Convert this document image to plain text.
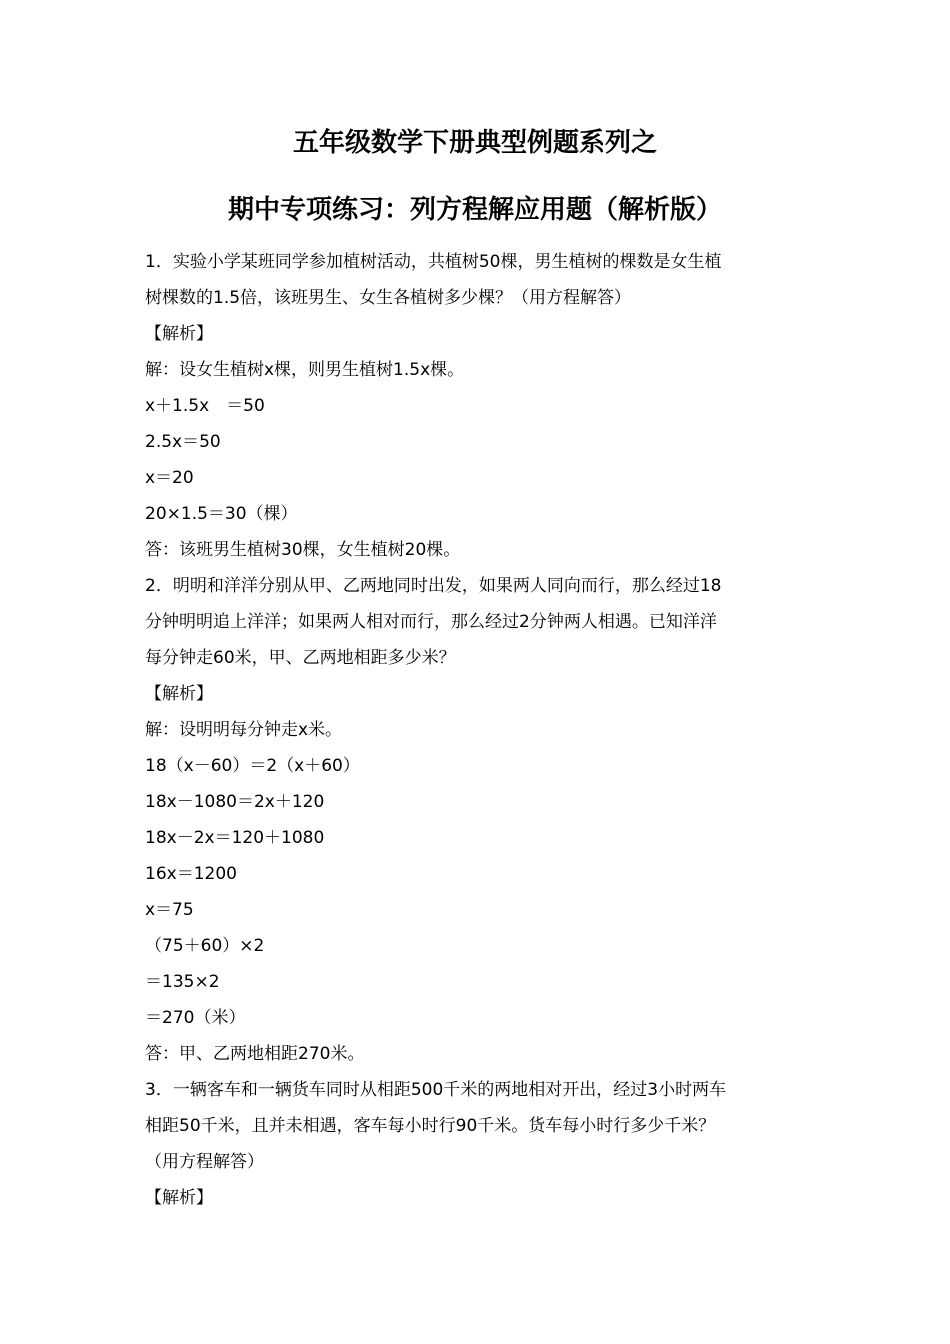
五年级数学下册典型例题系列之
期中专项练习：列方程解应用题（解析版）
1．实验小学某班同学参加植树活动，共植树50棵，男生植树的棵数是女生植
树棵数的1.5倍，该班男生、女生各植树多少棵？（用方程解答）
【解析】
解：设女生植树x棵，则男生植树1.5x棵。
x＋1.5x　＝50
2.5x＝50
x＝20
20×1.5＝30（棵）
答：该班男生植树30棵，女生植树20棵。
2．明明和洋洋分别从甲、乙两地同时出发，如果两人同向而行，那么经过18
分钟明明追上洋洋；如果两人相对而行，那么经过2分钟两人相遇。已知洋洋
每分钟走60米，甲、乙两地相距多少米？
【解析】
解：设明明每分钟走x米。
18（x－60）＝2（x＋60）
18x－1080＝2x＋120
18x－2x＝120＋1080
16x＝1200
x＝75
（75＋60）×2
＝135×2
＝270（米）
答：甲、乙两地相距270米。
3．一辆客车和一辆货车同时从相距500千米的两地相对开出，经过3小时两车
相距50千米，且并未相遇，客车每小时行90千米。货车每小时行多少千米？
（用方程解答）
【解析】
